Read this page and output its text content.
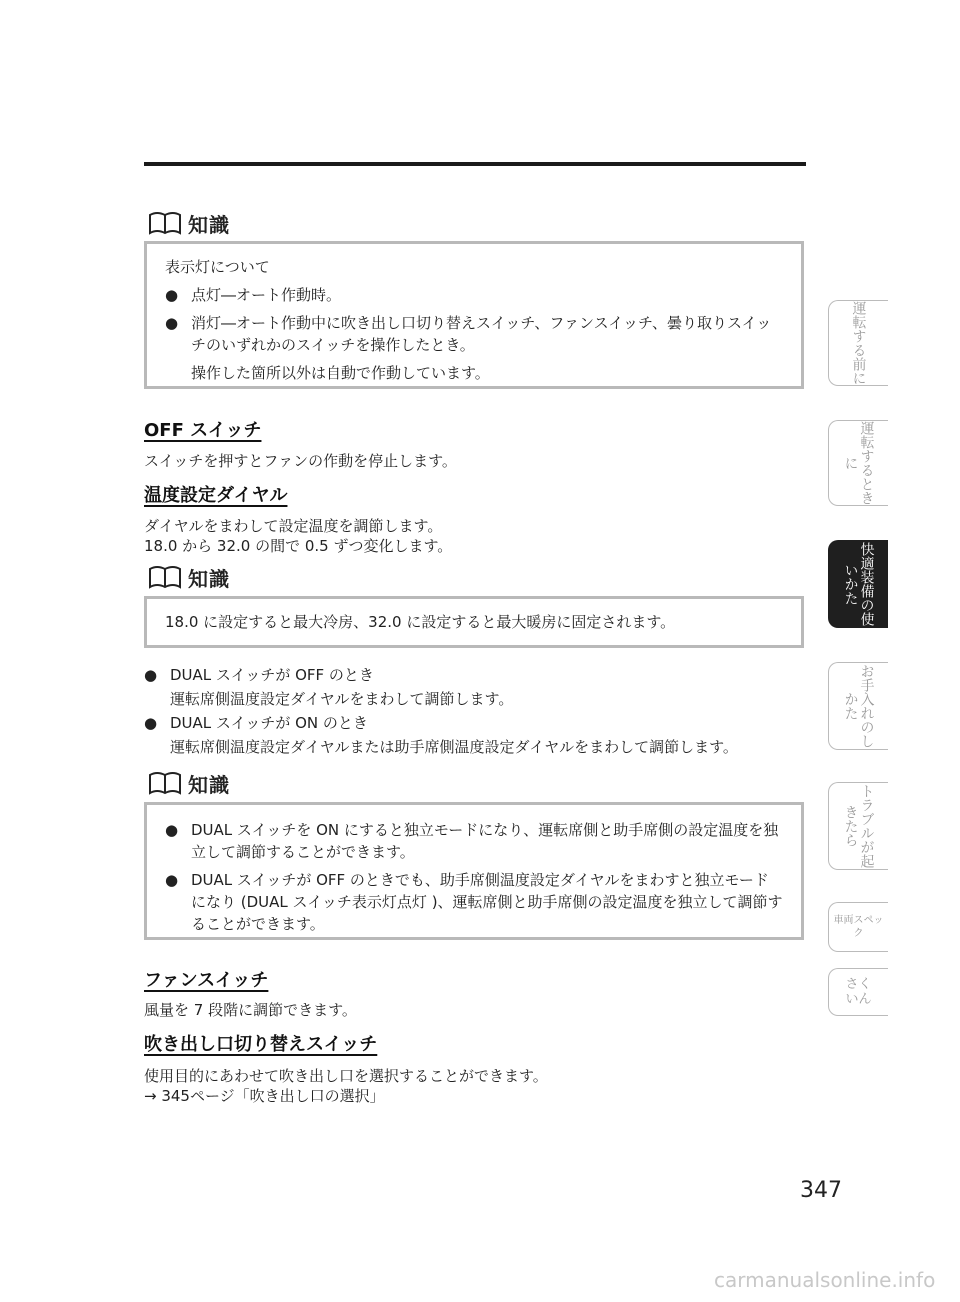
知識
表示灯について
● 点灯―オート作動時。
● 消灯―オート作動中に吹き出し口切り替えスイッチ、ファンスイッチ、曇り取りスイッチのいずれかのスイッチを操作したとき。
操作した箇所以外は自動で作動しています。
OFF スイッチ
スイッチを押すとファンの作動を停止します。
温度設定ダイヤル
ダイヤルをまわして設定温度を調節します。
18.0 から 32.0 の間で 0.5 ずつ変化します。
知識
18.0 に設定すると最大冷房、32.0 に設定すると最大暖房に固定されます。
● DUAL スイッチが OFF のとき
運転席側温度設定ダイヤルをまわして調節します。
● DUAL スイッチが ON のとき
運転席側温度設定ダイヤルまたは助手席側温度設定ダイヤルをまわして調節します。
知識
● DUAL スイッチを ON にすると独立モードになり、運転席側と助手席側の設定温度を独立して調節することができます。
● DUAL スイッチが OFF のときでも、助手席側温度設定ダイヤルをまわすと独立モードになり (DUAL スイッチ表示灯点灯 )、運転席側と助手席側の設定温度を独立して調節することができます。
ファンスイッチ
風量を 7 段階に調節できます。
吹き出し口切り替えスイッチ
使用目的にあわせて吹き出し口を選択することができます。
→ 345ページ「吹き出し口の選択」
運転する前に
運転するときに
快適装備の使いかた
お手入れのしかた
トラブルが起きたら
車両スペック
さくいん
347
carmanualsonline.info
